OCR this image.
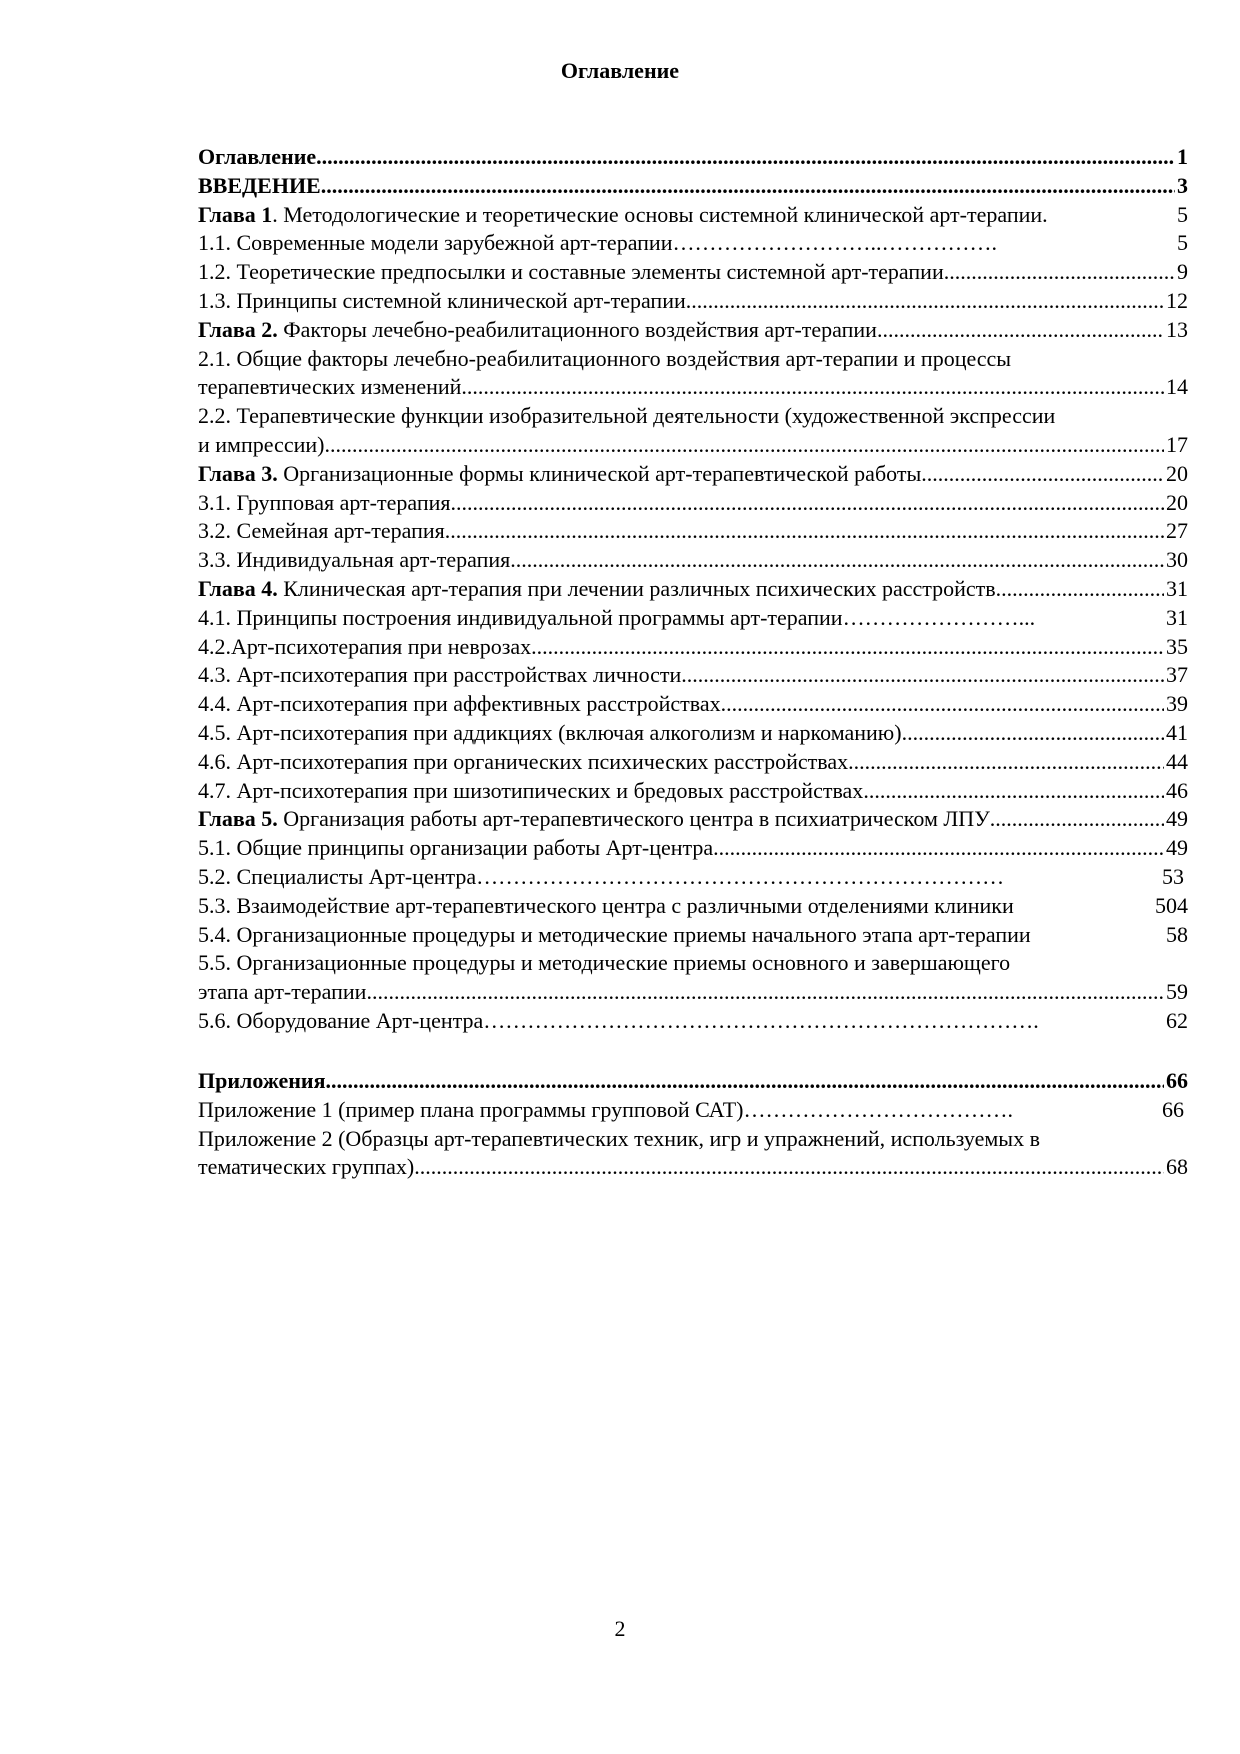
Оглавление
Оглавление .....	1
ВВЕДЕНИЕ .....	3
Глава 1. Методологические и теоретические основы системной клинической арт-терапии.	5
1.1. Современные модели зарубежной арт-терапии………………………..…………….	5
1.2. Теоретические предпосылки и составные элементы системной арт-терапии .....	9
1.3. Принципы системной клинической арт-терапии .....	12
Глава 2. Факторы лечебно-реабилитационного воздействия арт-терапии .....	13
2.1. Общие факторы лечебно-реабилитационного воздействия арт-терапии и процессы
терапевтических изменений .....	14
2.2. Терапевтические функции изобразительной деятельности (художественной экспрессии
и импрессии) .....	17
Глава 3. Организационные формы клинической арт-терапевтической работы .....	20
3.1. Групповая арт-терапия .....	20
3.2. Семейная арт-терапия .....	27
3.3. Индивидуальная арт-терапия .....	30
Глава 4. Клиническая арт-терапия при лечении различных психических расстройств .....	31
4.1. Принципы построения индивидуальной программы арт-терапии……………………...	31
4.2.Арт-психотерапия при неврозах .....	35
4.3. Арт-психотерапия при расстройствах личности .....	37
4.4. Арт-психотерапия при аффективных расстройствах .....	39
4.5. Арт-психотерапия при аддикциях (включая алкоголизм и наркоманию) .....	41
4.6. Арт-психотерапия при органических психических расстройствах .....	44
4.7. Арт-психотерапия при шизотипических и бредовых расстройствах .....	46
Глава 5. Организация работы арт-терапевтического центра в психиатрическом ЛПУ .....	49
5.1. Общие принципы организации работы Арт-центра .....	49
5.2. Специалисты Арт-центра………………………………………………………………	53
5.3. Взаимодействие арт-терапевтического центра с различными отделениями клиники	504
5.4. Организационные процедуры и методические приемы начального этапа арт-терапии	58
5.5. Организационные процедуры и методические приемы основного и завершающего
этапа арт-терапии .....	59
5.6. Оборудование Арт-центра………………………………………………………………….	62
Приложения .....	66
Приложение 1 (пример плана программы групповой САТ)……………………………….	66
Приложение 2 (Образцы арт-терапевтических техник, игр и упражнений, используемых в
тематических группах) .....	68
2
